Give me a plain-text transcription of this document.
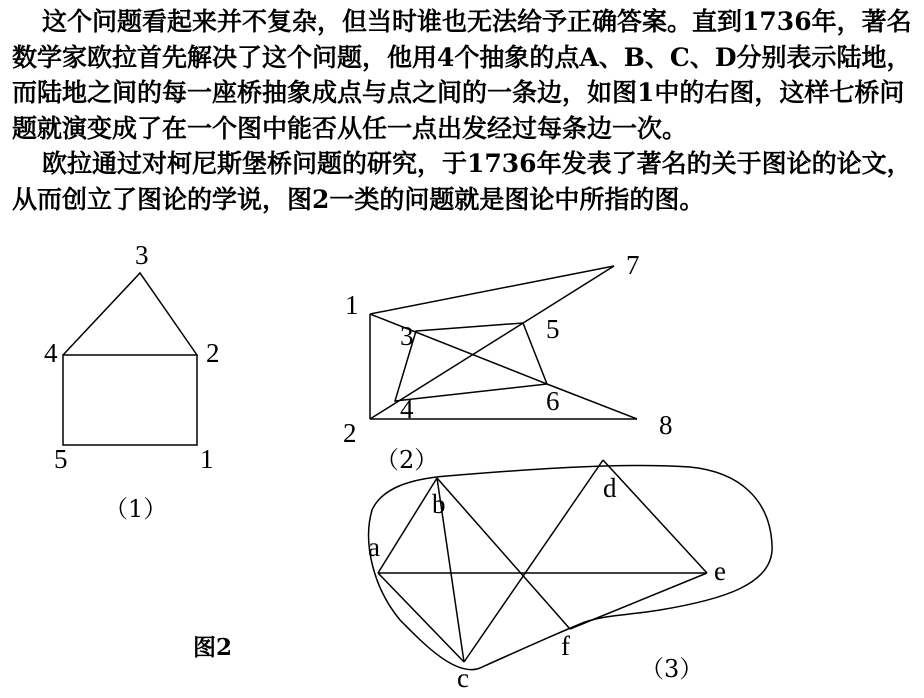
这个问题看起来并不复杂，但当时谁也无法给予正确答案。直到1736年，著名数学家欧拉首先解决了这个问题，他用4个抽象的点A、B、C、D分别表示陆地，而陆地之间的每一座桥抽象成点与点之间的一条边，如图1中的右图，这样七桥问题就演变成了在一个图中能否从任一点出发经过每条边一次。

欧拉通过对柯尼斯堡桥问题的研究，于1736年发表了著名的关于图论的论文，从而创立了图论的学说，图2一类的问题就是图论中所指的图。

3
4	2
5	1
（1）
1
2
3
4
5
6
7
8
（2）
b
a
d
e
f
c	（3）
图2
